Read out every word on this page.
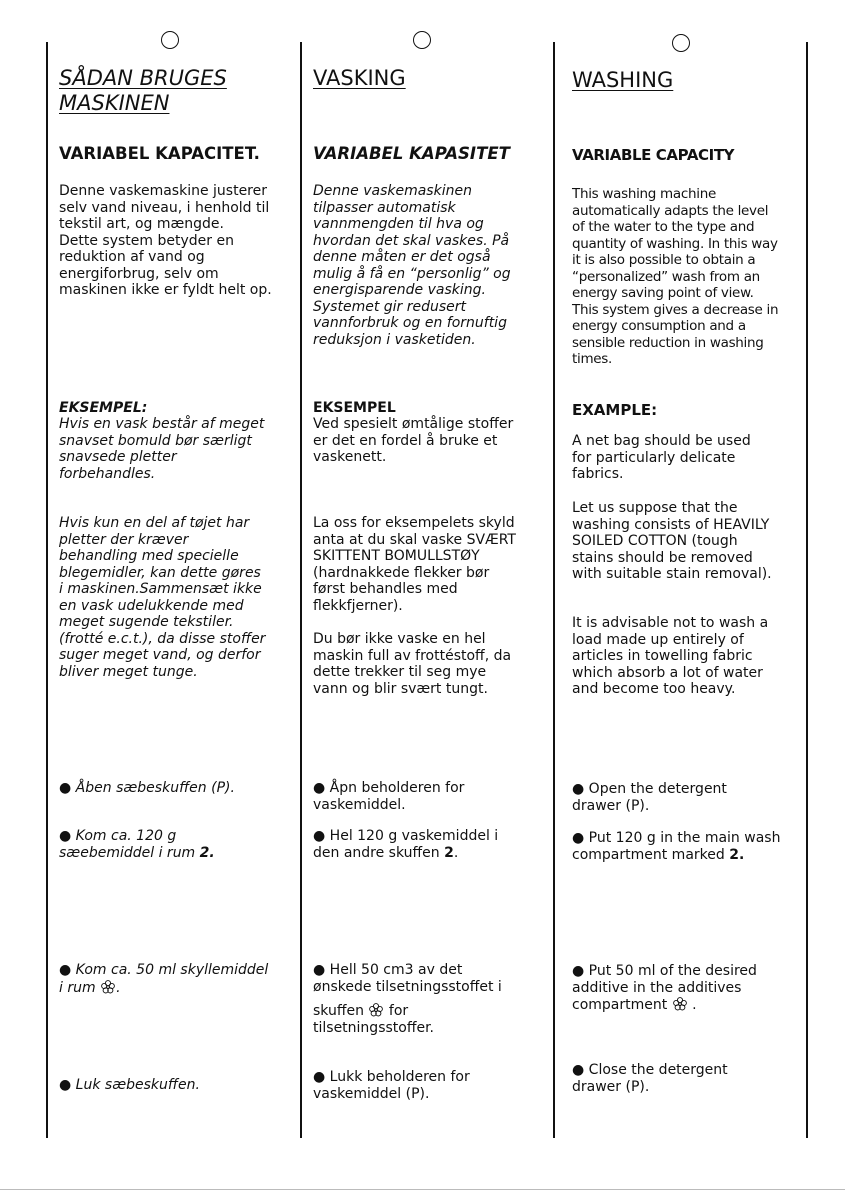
SÅDAN BRUGES
MASKINEN
VARIABEL KAPACITET.

Denne vaskemaskine justerer
selv vand niveau, i henhold til
tekstil art, og mængde.
Dette system betyder en
reduktion af vand og
energiforbrug, selv om
maskinen ikke er fyldt helt op.

EKSEMPEL:

Hvis en vask består af meget
snavset bomuld bør særligt
snavsede pletter
forbehandles.

Hvis kun en del af tøjet har
pletter der kræver
behandling med specielle
blegemidler, kan dette gøres
i maskinen.Sammensæt ikke
en vask udelukkende med
meget sugende tekstiler.
(frotté e.c.t.), da disse stoffer
suger meget vand, og derfor
bliver meget tunge.

● Åben sæbeskuffen (P).

● Kom ca. 120 g
sæebemiddel i rum 2.

● Kom ca. 50 ml skyllemiddel
i rum .

● Luk sæbeskuffen.

VASKING
VARIABEL KAPASITET

Denne vaskemaskinen
tilpasser automatisk
vannmengden til hva og
hvordan det skal vaskes. På
denne måten er det også
mulig å få en “personlig” og
energisparende vasking.
Systemet gir redusert
vannforbruk og en fornuftig
reduksjon i vasketiden.

EKSEMPEL

Ved spesielt ømtålige stoffer
er det en fordel å bruke et
vaskenett.

La oss for eksempelets skyld
anta at du skal vaske SVÆRT
SKITTENT BOMULLSTØY
(hardnakkede flekker bør
først behandles med
flekkfjerner).

Du bør ikke vaske en hel
maskin full av frottéstoff, da
dette trekker til seg mye
vann og blir svært tungt.

● Åpn beholderen for
vaskemiddel.

● Hel 120 g vaskemiddel i
den andre skuffen 2.

● Hell 50 cm3 av det
ønskede tilsetningsstoffet i

skuffen for
tilsetningsstoffer.

● Lukk beholderen for
vaskemiddel (P).

WASHING
VARIABLE CAPACITY

This washing machine
automatically adapts the level
of the water to the type and
quantity of washing. In this way
it is also possible to obtain a
“personalized” wash from an
energy saving point of view.
This system gives a decrease in
energy consumption and a
sensible reduction in washing
times.

EXAMPLE:

A net bag should be used
for particularly delicate
fabrics.

Let us suppose that the
washing consists of HEAVILY
SOILED COTTON (tough
stains should be removed
with suitable stain removal).

It is advisable not to wash a
load made up entirely of
articles in towelling fabric
which absorb a lot of water
and become too heavy.

● Open the detergent
drawer (P).

● Put 120 g in the main wash
compartment marked 2.

● Put 50 ml of the desired
additive in the additives
compartment .

● Close the detergent
drawer (P).
